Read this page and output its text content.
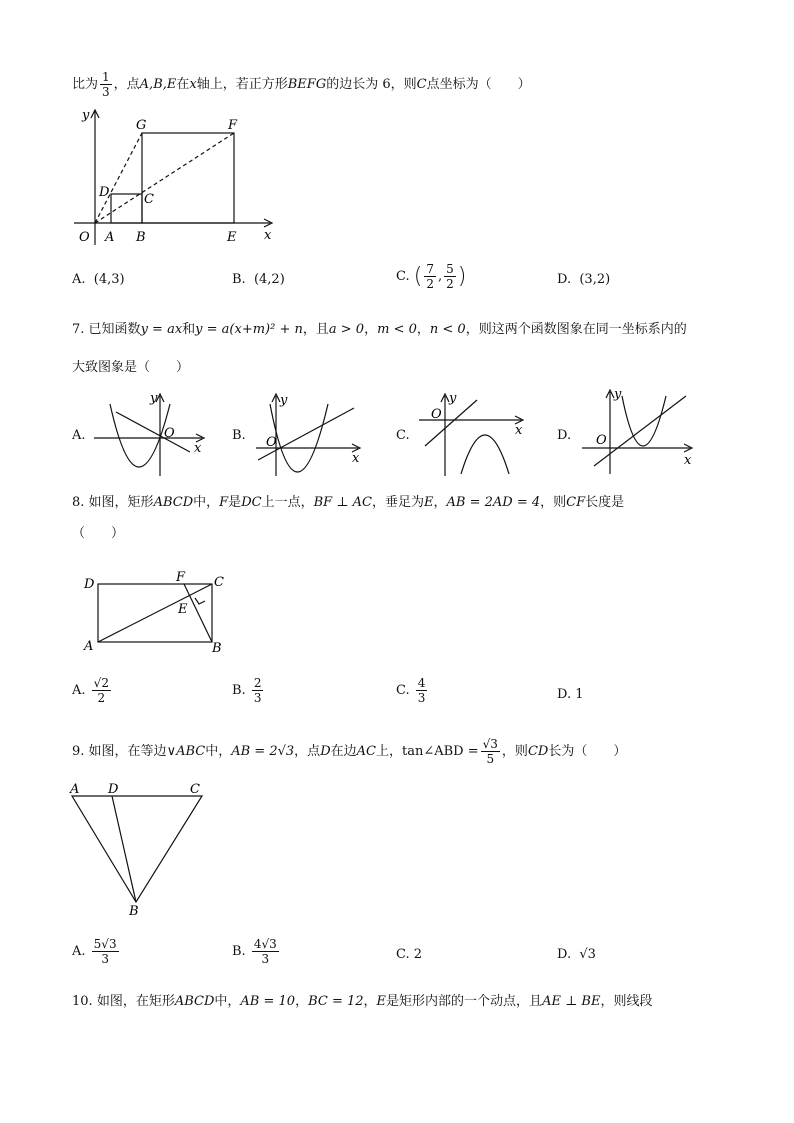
比为 $\frac{1}{3}$ ，点A,B,E在x轴上，若正方形BEFG的边长为 6，则C点坐标为（　　）
y
x
O A B	E
G	F
D	C
A. (4,3)	B. (4,2)	C. ( $\frac{7}{2}$ , $\frac{5}{2}$ )	D. (3,2)
7. 已知函数y = ax和y = a(x+m)² + n，且a > 0，m < 0，n < 0，则这两个函数图象在同一坐标系内的
大致图象是（　　）
A.
y
O
x
B.
y
O
x
C.
y
O
x	D.
y
O
x
8. 如图，矩形ABCD中，F是DC上一点，BF ⊥ AC，垂足为E，AB = 2AD = 4，则CF长度是
（　　）
D	C
A	B
F
E
A. $\frac{√2}{2}$	B. $\frac{2}{3}$	C. $\frac{4}{3}$	D. 1
9. 如图，在等边∨ABC中，AB = 2√3，点D在边AC上，tan∠ABD = $\frac{√3}{5}$ ，则CD长为（　　）
A D	C
B
A. $\frac{5√3}{3}$	B. $\frac{4√3}{3}$	C. 2	D. √3
10. 如图，在矩形ABCD中，AB = 10，BC = 12，E是矩形内部的一个动点，且AE ⊥ BE，则线段
